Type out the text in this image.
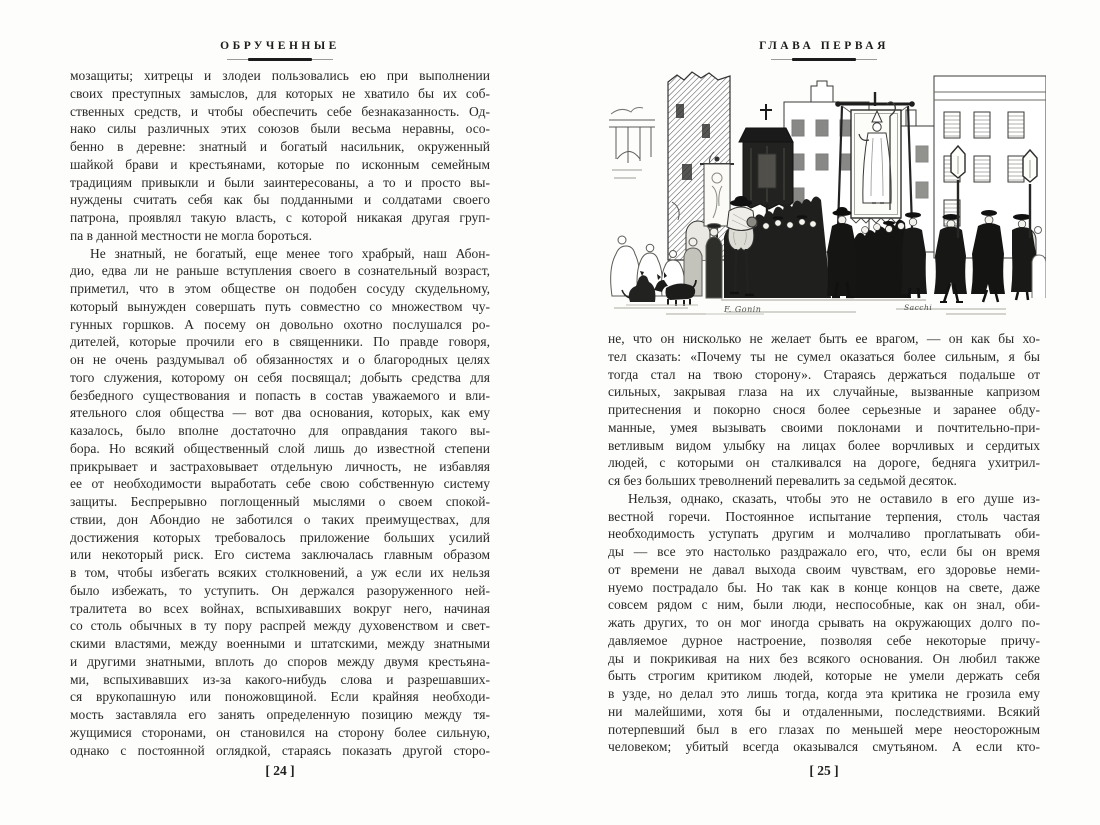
ОБРУЧЕННЫЕ
мозащиты; хитрецы и злодеи пользовались ею при выполнении
своих преступных замыслов, для которых не хватило бы их соб-
ственных средств, и чтобы обеспечить себе безнаказанность. Од-
нако силы различных этих союзов были весьма неравны, осо-
бенно в деревне: знатный и богатый насильник, окруженный
шайкой брави и крестьянами, которые по исконным семейным
традициям привыкли и были заинтересованы, а то и просто вы-
нуждены считать себя как бы подданными и солдатами своего
патрона, проявлял такую власть, с которой никакая другая груп-
па в данной местности не могла бороться.
Не знатный, не богатый, еще менее того храбрый, наш Абон-
дио, едва ли не раньше вступления своего в сознательный возраст,
приметил, что в этом обществе он подобен сосуду скудельному,
который вынужден совершать путь совместно со множеством чу-
гунных горшков. А посему он довольно охотно послушался ро-
дителей, которые прочили его в священники. По правде говоря,
он не очень раздумывал об обязанностях и о благородных целях
того служения, которому он себя посвящал; добыть средства для
безбедного существования и попасть в состав уважаемого и вли-
ятельного слоя общества — вот два основания, которых, как ему
казалось, было вполне достаточно для оправдания такого вы-
бора. Но всякий общественный слой лишь до известной степени
прикрывает и застраховывает отдельную личность, не избавляя
ее от необходимости выработать себе свою собственную систему
защиты. Беспрерывно поглощенный мыслями о своем спокой-
ствии, дон Абондио не заботился о таких преимуществах, для
достижения которых требовалось приложение больших усилий
или некоторый риск. Его система заключалась главным образом
в том, чтобы избегать всяких столкновений, а уж если их нельзя
было избежать, то уступить. Он держался разоруженного ней-
тралитета во всех войнах, вспыхивавших вокруг него, начиная
со столь обычных в ту пору распрей между духовенством и свет-
скими властями, между военными и штатскими, между знатными
и другими знатными, вплоть до споров между двумя крестьяна-
ми, вспыхивавших из-за какого-нибудь слова и разрешавших-
ся врукопашную или поножовщиной. Если крайняя необходи-
мость заставляла его занять определенную позицию между тя-
жущимися сторонами, он становился на сторону более сильную,
однако с постоянной оглядкой, стараясь показать другой сторо-
[ 24 ]
ГЛАВА ПЕРВАЯ
F. Gonin	Sacchi
не, что он нисколько не желает быть ее врагом, — он как бы хо-
тел сказать: «Почему ты не сумел оказаться более сильным, я бы
тогда стал на твою сторону». Стараясь держаться подальше от
сильных, закрывая глаза на их случайные, вызванные капризом
притеснения и покорно снося более серьезные и заранее обду-
манные, умея вызывать своими поклонами и почтительно-при-
ветливым видом улыбку на лицах более ворчливых и сердитых
людей, с которыми он сталкивался на дороге, бедняга ухитрил-
ся без больших треволнений перевалить за седьмой десяток.
Нельзя, однако, сказать, чтобы это не оставило в его душе из-
вестной горечи. Постоянное испытание терпения, столь частая
необходимость уступать другим и молчаливо проглатывать оби-
ды — все это настолько раздражало его, что, если бы он время
от времени не давал выхода своим чувствам, его здоровье неми-
нуемо пострадало бы. Но так как в конце концов на свете, даже
совсем рядом с ним, были люди, неспособные, как он знал, оби-
жать других, то он мог иногда срывать на окружающих долго по-
давляемое дурное настроение, позволяя себе некоторые причу-
ды и покрикивая на них без всякого основания. Он любил также
быть строгим критиком людей, которые не умели держать себя
в узде, но делал это лишь тогда, когда эта критика не грозила ему
ни малейшими, хотя бы и отдаленными, последствиями. Всякий
потерпевший был в его глазах по меньшей мере неосторожным
человеком; убитый всегда оказывался смутьяном. А если кто-
[ 25 ]
